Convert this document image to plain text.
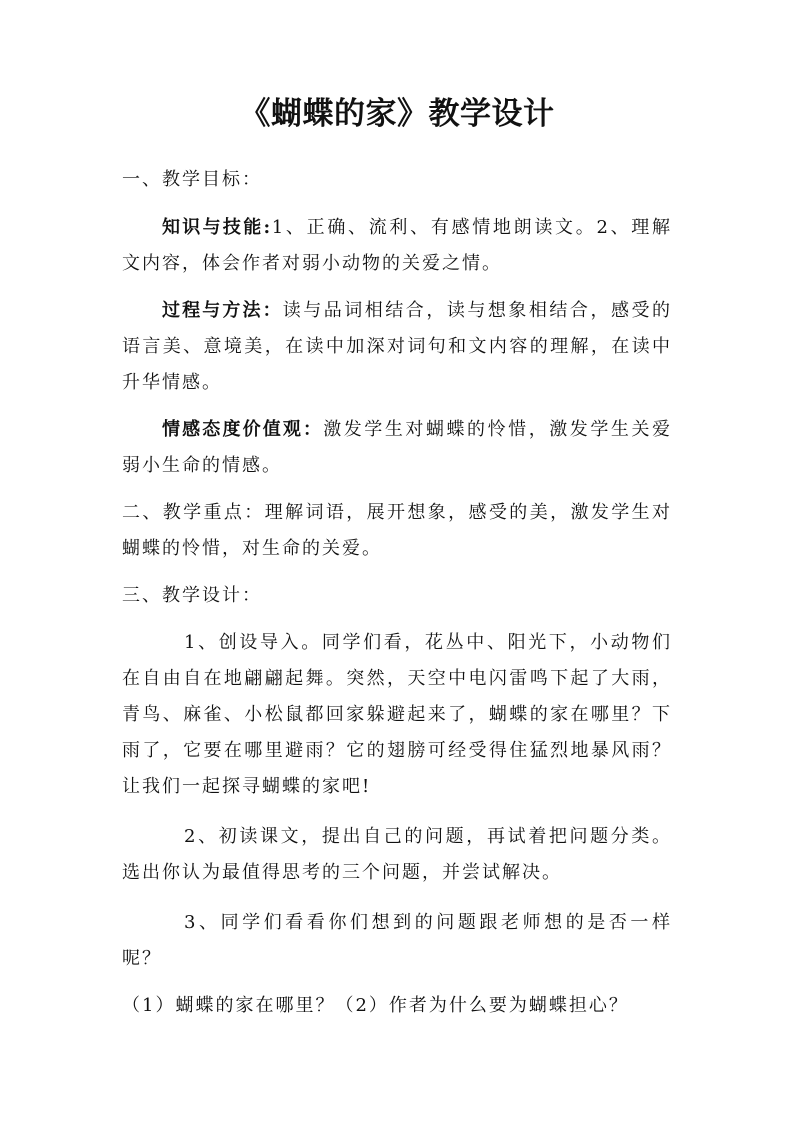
《蝴蝶的家》教学设计

一、教学目标：

知识与技能:1、正确、流利、有感情地朗读文。2、理解文内容，体会作者对弱小动物的关爱之情。

过程与方法：读与品词相结合，读与想象相结合，感受的语言美、意境美，在读中加深对词句和文内容的理解，在读中升华情感。

情感态度价值观：激发学生对蝴蝶的怜惜，激发学生关爱弱小生命的情感。

二、教学重点：理解词语，展开想象，感受的美，激发学生对蝴蝶的怜惜，对生命的关爱。

三、教学设计：

1、创设导入。同学们看，花丛中、阳光下，小动物们在自由自在地翩翩起舞。突然，天空中电闪雷鸣下起了大雨，青鸟、麻雀、小松鼠都回家躲避起来了，蝴蝶的家在哪里？下雨了，它要在哪里避雨？它的翅膀可经受得住猛烈地暴风雨？让我们一起探寻蝴蝶的家吧!

2、初读课文，提出自己的问题，再试着把问题分类。选出你认为最值得思考的三个问题，并尝试解决。

3、同学们看看你们想到的问题跟老师想的是否一样呢？

（1）蝴蝶的家在哪里？（2）作者为什么要为蝴蝶担心？
